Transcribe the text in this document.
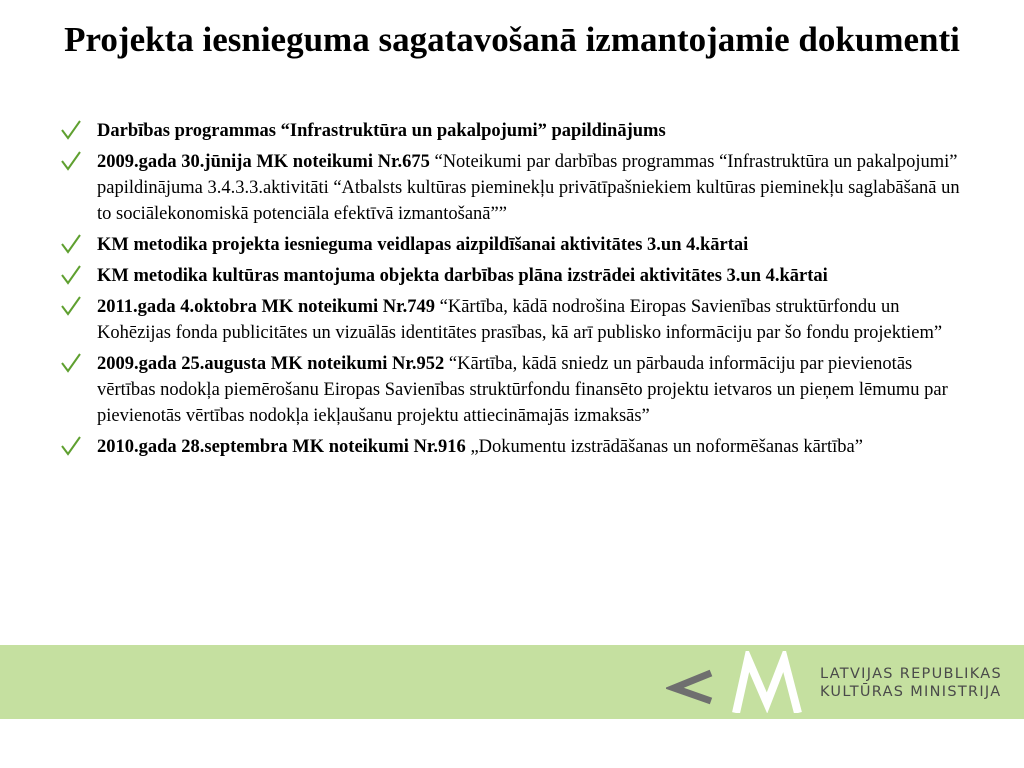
Projekta iesnieguma sagatavošanā izmantojamie dokumenti
Darbības programmas “Infrastruktūra un pakalpojumi” papildinājums
2009.gada 30.jūnija MK noteikumi Nr.675 “Noteikumi par darbības programmas “Infrastruktūra un pakalpojumi” papildinājuma 3.4.3.3.aktivitāti “Atbalsts kultūras pieminekļu privātīpašniekiem kultūras pieminekļu saglabāšanā un to sociālekonomiskā potenciāla efektīvā izmantošanā””
KM metodika projekta iesnieguma veidlapas aizpildīšanai aktivitātes 3.un 4.kārtai
KM metodika kultūras mantojuma objekta darbības plāna izstrādei aktivitātes 3.un 4.kārtai
2011.gada 4.oktobra MK noteikumi Nr.749 “Kārtība, kādā nodrošina Eiropas Savienības struktūrfondu un Kohēzijas fonda publicitātes un vizuālās identitātes prasības, kā arī publisko informāciju par šo fondu projektiem”
2009.gada 25.augusta MK noteikumi Nr.952 “Kārtība, kādā sniedz un pārbauda informāciju par pievienotās vērtības nodokļa piemērošanu Eiropas Savienības struktūrfondu finansēto projektu ietvaros un pieņem lēmumu par pievienotās vērtības nodokļa iekļaušanu projektu attiecināmajās izmaksās”
2010.gada 28.septembra MK noteikumi Nr.916 „Dokumentu izstrādāšanas un noformēšanas kārtība”
LATVIJAS REPUBLIKAS
KULTŪRAS MINISTRIJA
